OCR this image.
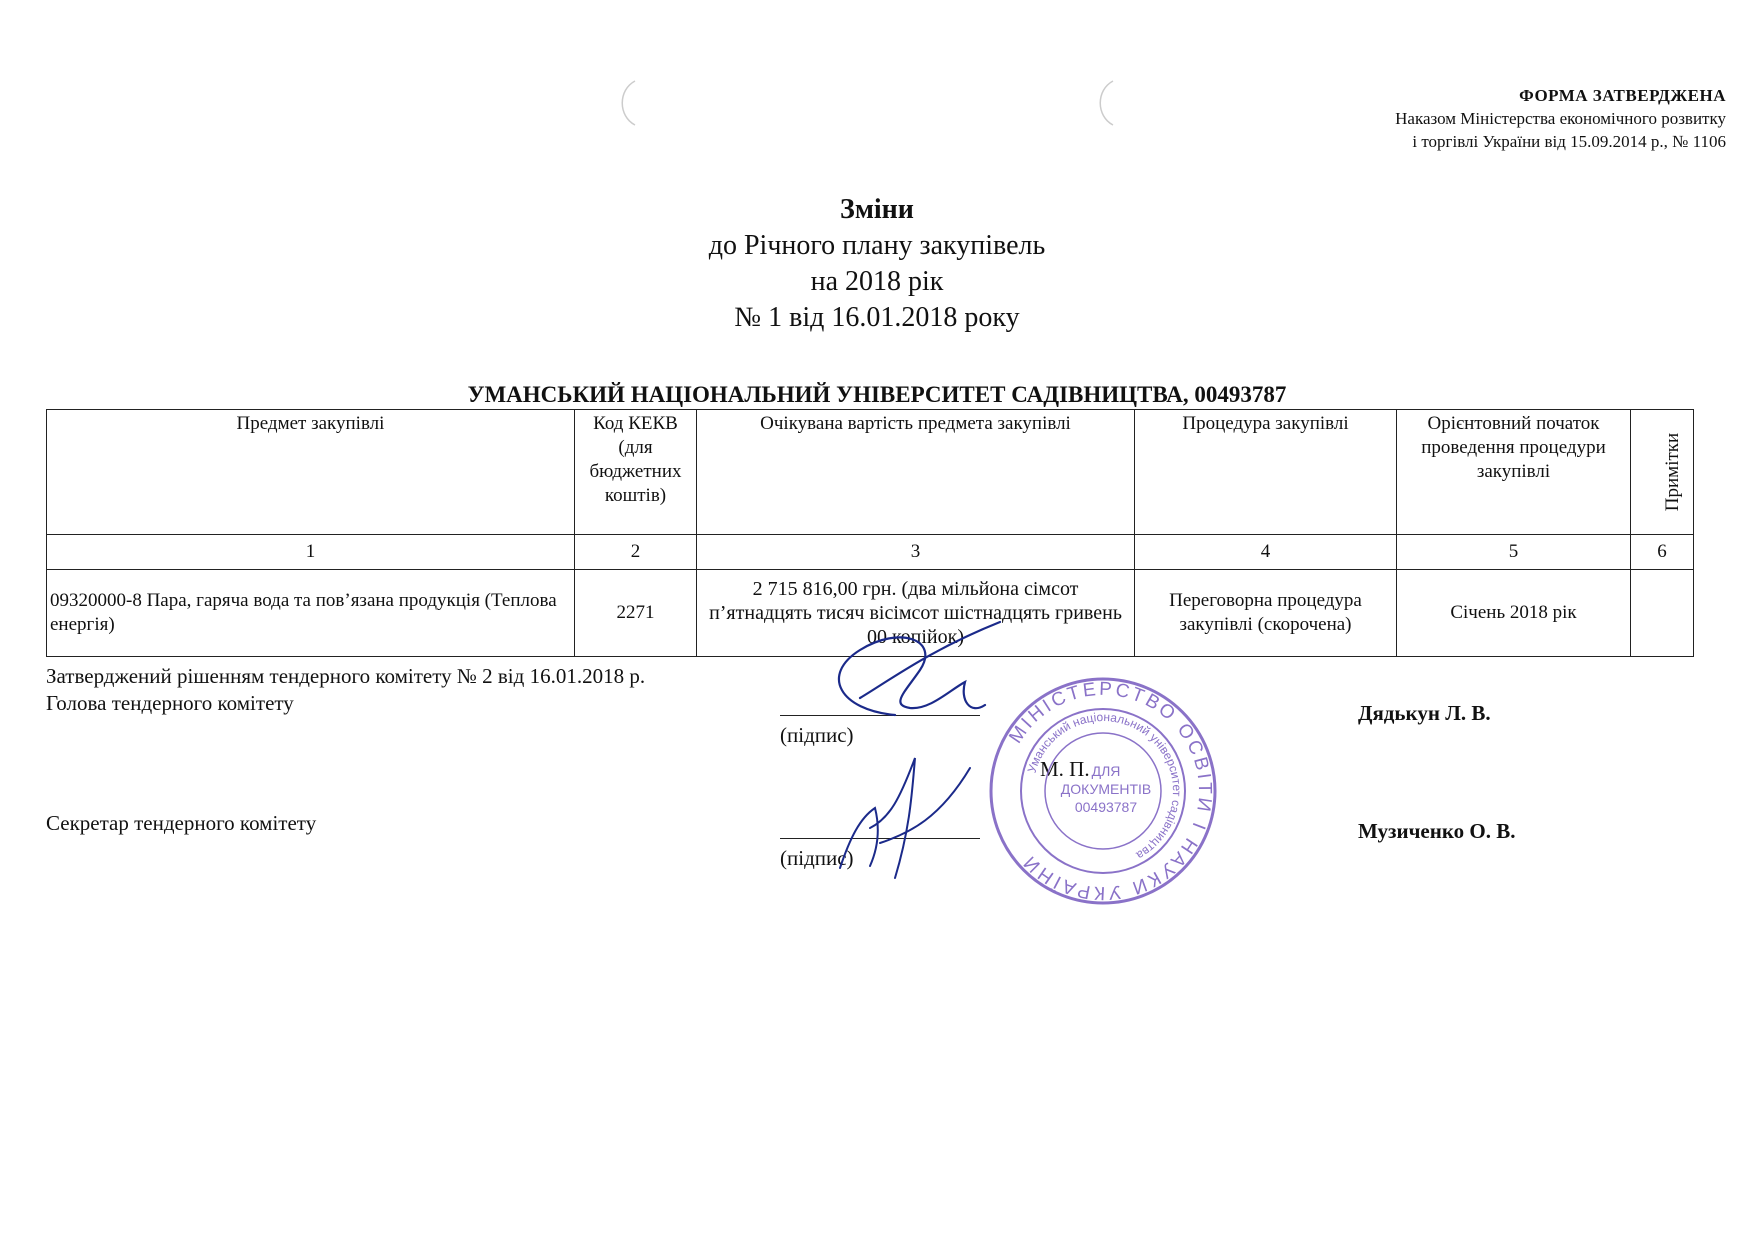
ФОРМА ЗАТВЕРДЖЕНА
Наказом Міністерства економічного розвитку
і торгівлі України від 15.09.2014 р., № 1106
Зміни
до Річного плану закупівель
на 2018 рік
№ 1 від 16.01.2018 року
УМАНСЬКИЙ НАЦІОНАЛЬНИЙ УНІВЕРСИТЕТ САДІВНИЦТВА, 00493787
Предмет закупівлі	Код КЕКВ (для бюджетних коштів)	Очікувана вартість предмета закупівлі	Процедура закупівлі	Орієнтовний початок проведення процедури закупівлі	Примітки
1	2	3	4	5	6
09320000-8 Пара, гаряча вода та пов’язана продукція (Теплова енергія)	2271	2 715 816,00 грн. (два мільйона сімсот п’ятнадцять тисяч вісімсот шістнадцять гривень 00 копійок)	Переговорна процедура закупівлі (скорочена)	Січень 2018 рік	
Затверджений рішенням тендерного комітету № 2 від 16.01.2018 р.
Голова тендерного комітету
(підпис)
Дядькун Л. В.
М. П.
Секретар тендерного комітету
(підпис)
Музиченко О. В.
МІНІСТЕРСТВО ОСВІТИ І НАУКИ УКРАЇНИ
Уманський національний університет садівництва
ДЛЯ
ДОКУМЕНТІВ
00493787
